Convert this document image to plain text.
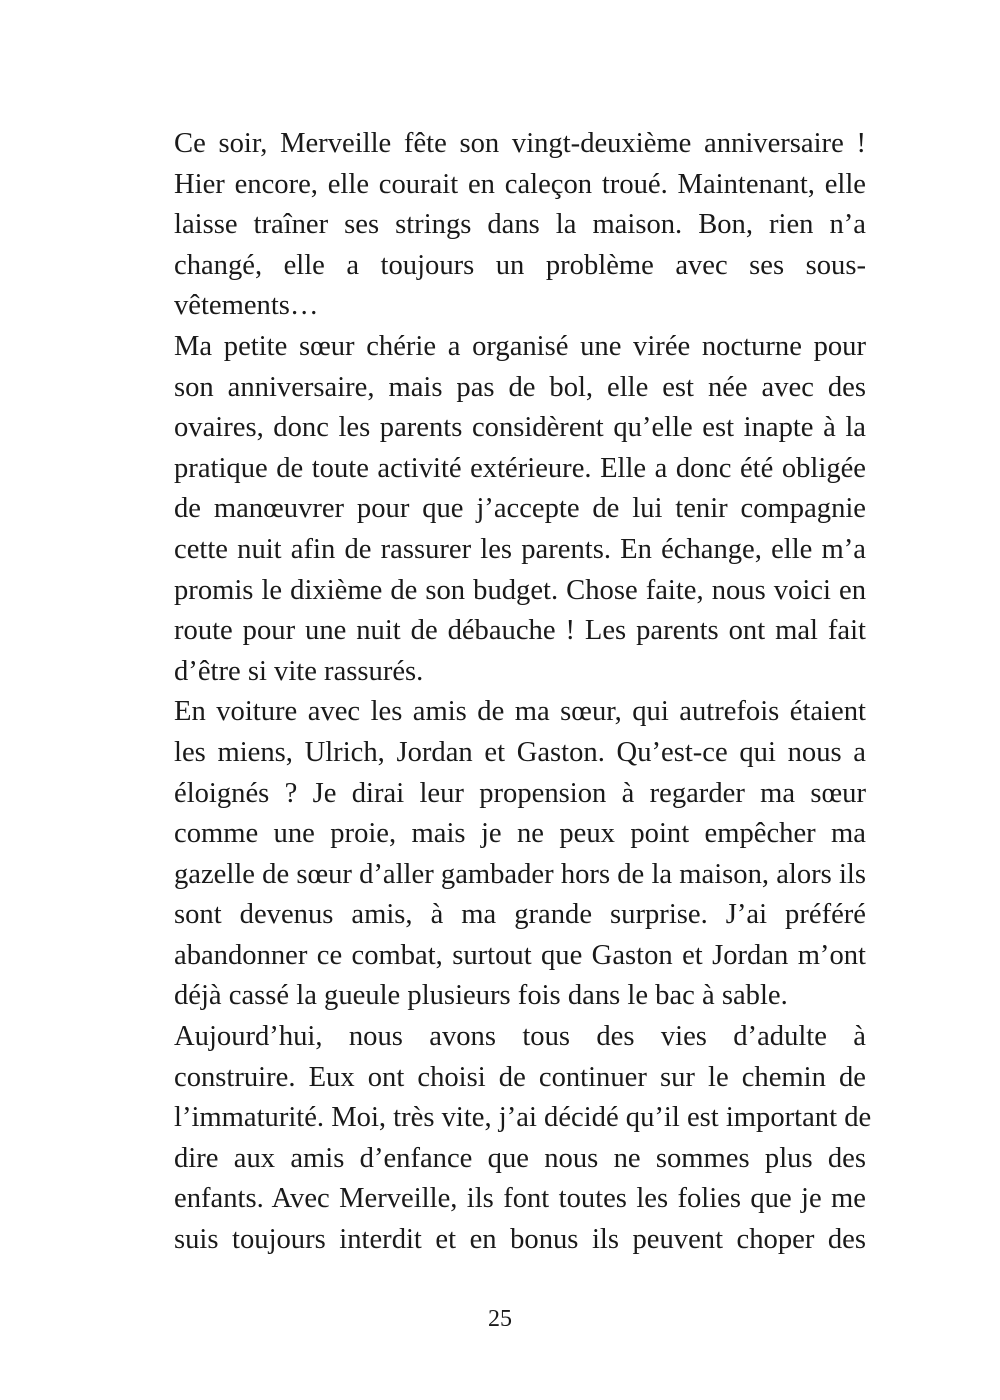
Ce soir, Merveille fête son vingt-deuxième anniversaire !
Hier encore, elle courait en caleçon troué. Maintenant, elle
laisse traîner ses strings dans la maison. Bon, rien n’a
changé, elle a toujours un problème avec ses sous-
vêtements…
Ma petite sœur chérie a organisé une virée nocturne pour
son anniversaire, mais pas de bol, elle est née avec des
ovaires, donc les parents considèrent qu’elle est inapte à la
pratique de toute activité extérieure. Elle a donc été obligée
de manœuvrer pour que j’accepte de lui tenir compagnie
cette nuit afin de rassurer les parents. En échange, elle m’a
promis le dixième de son budget. Chose faite, nous voici en
route pour une nuit de débauche ! Les parents ont mal fait
d’être si vite rassurés.
En voiture avec les amis de ma sœur, qui autrefois étaient
les miens, Ulrich, Jordan et Gaston. Qu’est-ce qui nous a
éloignés ? Je dirai leur propension à regarder ma sœur
comme une proie, mais je ne peux point empêcher ma
gazelle de sœur d’aller gambader hors de la maison, alors ils
sont devenus amis, à ma grande surprise. J’ai préféré
abandonner ce combat, surtout que Gaston et Jordan m’ont
déjà cassé la gueule plusieurs fois dans le bac à sable.
Aujourd’hui, nous avons tous des vies d’adulte à
construire. Eux ont choisi de continuer sur le chemin de
l’immaturité. Moi, très vite, j’ai décidé qu’il est important de
dire aux amis d’enfance que nous ne sommes plus des
enfants. Avec Merveille, ils font toutes les folies que je me
suis toujours interdit et en bonus ils peuvent choper des
25
